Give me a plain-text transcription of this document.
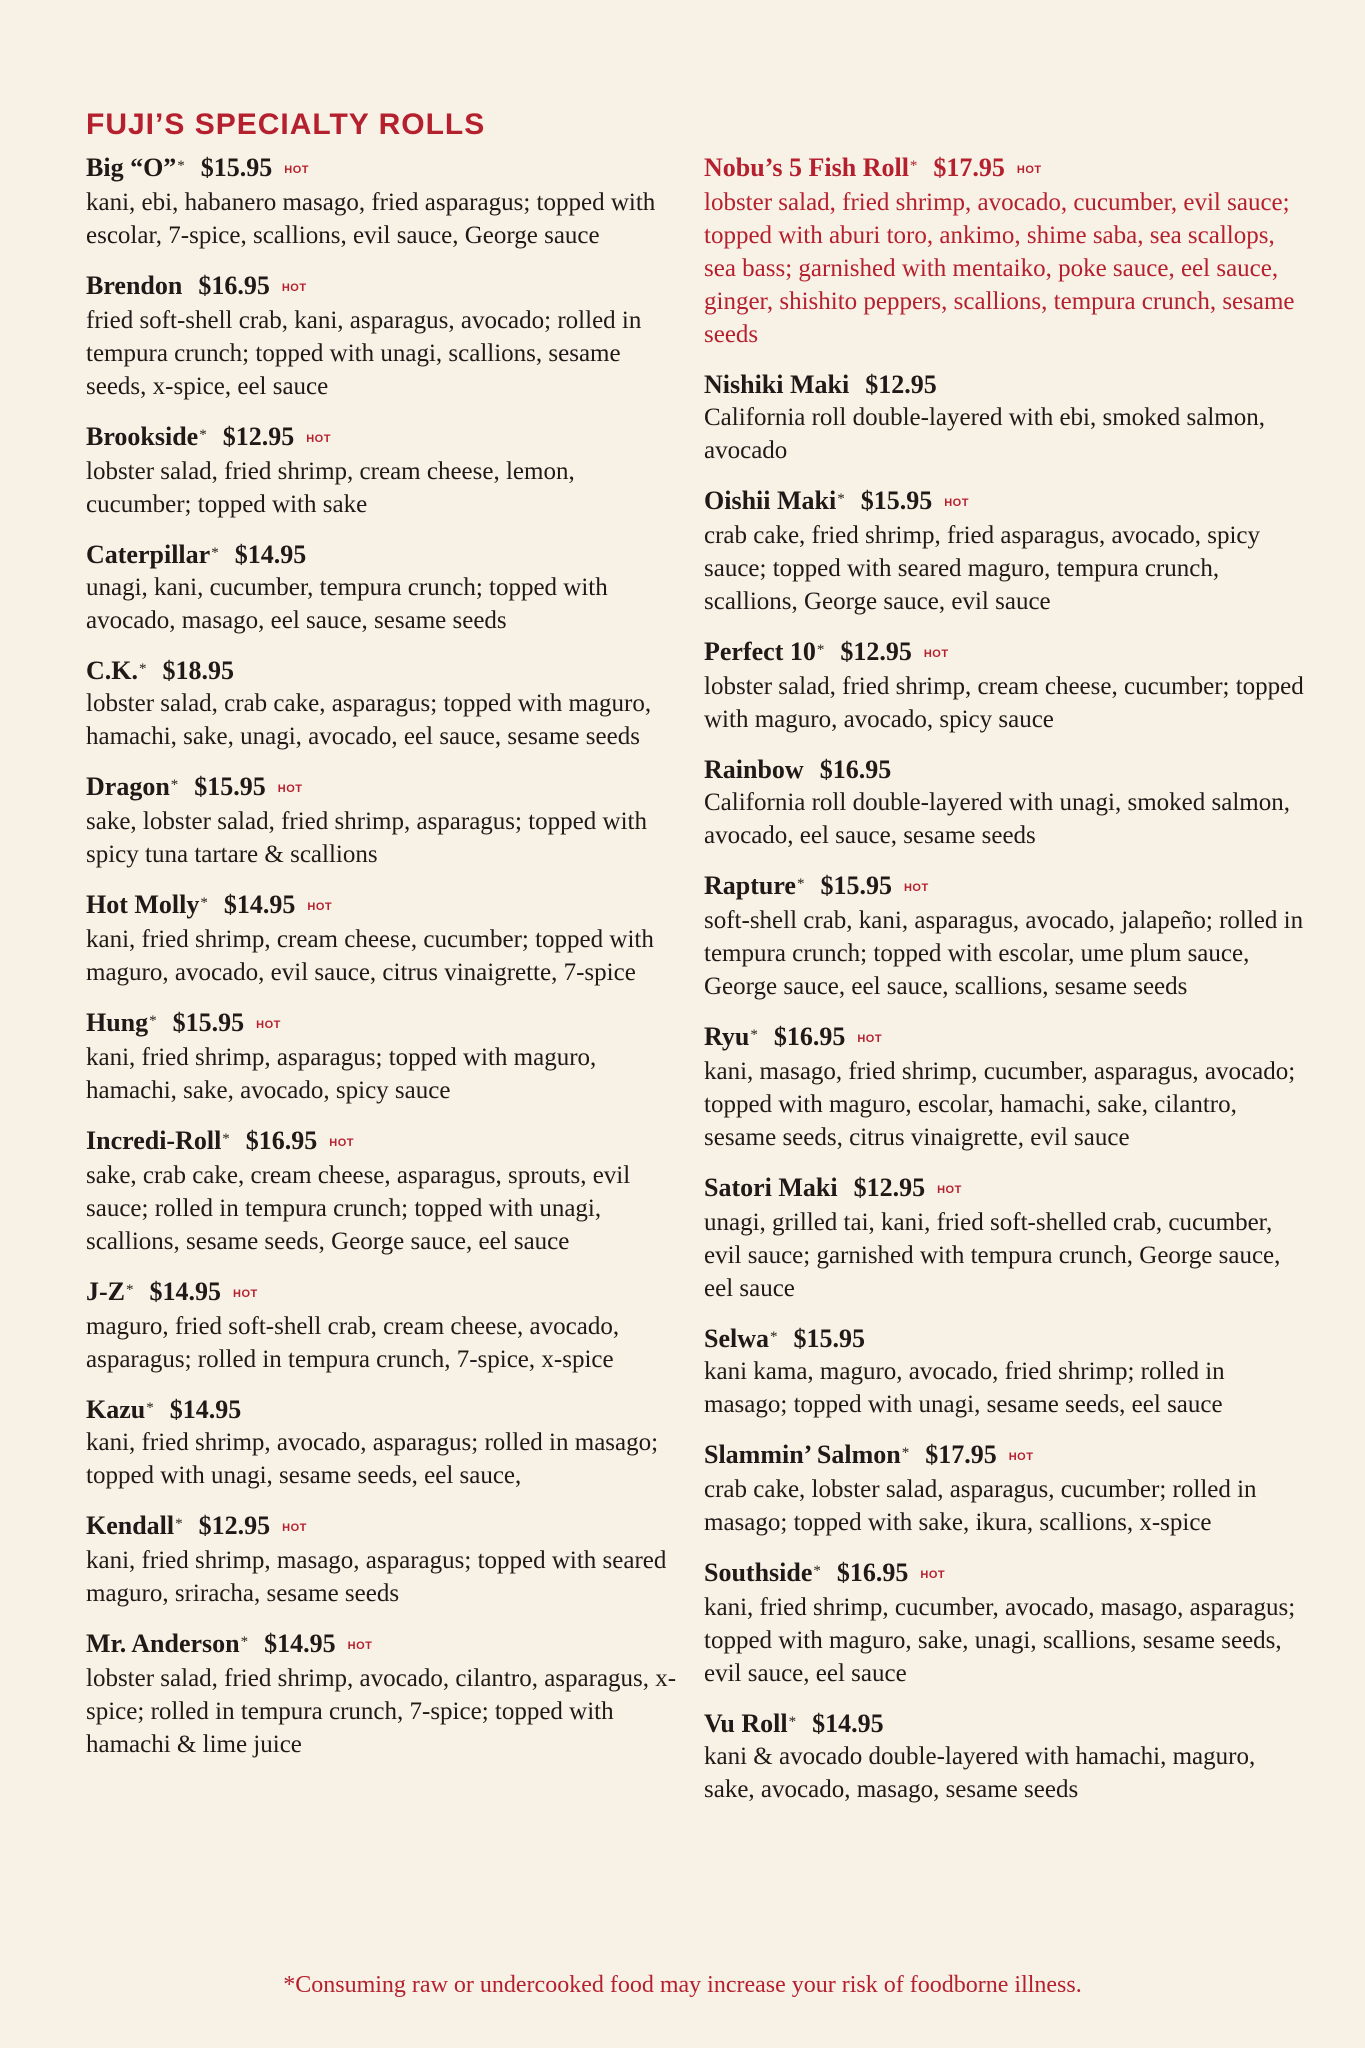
FUJI’S SPECIALTY ROLLS
Big “O”* $15.95 HOT
kani, ebi, habanero masago, fried asparagus; topped with escolar, 7-spice, scallions, evil sauce, George sauce
Brendon $16.95 HOT
fried soft-shell crab, kani, asparagus, avocado; rolled in tempura crunch; topped with unagi, scallions, sesame seeds, x-spice, eel sauce
Brookside* $12.95 HOT
lobster salad, fried shrimp, cream cheese, lemon, cucumber; topped with sake
Caterpillar* $14.95
unagi, kani, cucumber, tempura crunch; topped with avocado, masago, eel sauce, sesame seeds
C.K.* $18.95
lobster salad, crab cake, asparagus; topped with maguro, hamachi, sake, unagi, avocado, eel sauce, sesame seeds
Dragon* $15.95 HOT
sake, lobster salad, fried shrimp, asparagus; topped with spicy tuna tartare & scallions
Hot Molly* $14.95 HOT
kani, fried shrimp, cream cheese, cucumber; topped with maguro, avocado, evil sauce, citrus vinaigrette, 7-spice
Hung* $15.95 HOT
kani, fried shrimp, asparagus; topped with maguro, hamachi, sake, avocado, spicy sauce
Incredi-Roll* $16.95 HOT
sake, crab cake, cream cheese, asparagus, sprouts, evil sauce; rolled in tempura crunch; topped with unagi, scallions, sesame seeds, George sauce, eel sauce
J-Z* $14.95 HOT
maguro, fried soft-shell crab, cream cheese, avocado, asparagus; rolled in tempura crunch, 7-spice, x-spice
Kazu* $14.95
kani, fried shrimp, avocado, asparagus; rolled in masago; topped with unagi, sesame seeds, eel sauce,
Kendall* $12.95 HOT
kani, fried shrimp, masago, asparagus; topped with seared maguro, sriracha, sesame seeds
Mr. Anderson* $14.95 HOT
lobster salad, fried shrimp, avocado, cilantro, asparagus, x-spice; rolled in tempura crunch, 7-spice; topped with hamachi & lime juice
Nobu’s 5 Fish Roll* $17.95 HOT
lobster salad, fried shrimp, avocado, cucumber, evil sauce; topped with aburi toro, ankimo, shime saba, sea scallops, sea bass; garnished with mentaiko, poke sauce, eel sauce, ginger, shishito peppers, scallions, tempura crunch, sesame seeds
Nishiki Maki $12.95
California roll double-layered with ebi, smoked salmon, avocado
Oishii Maki* $15.95 HOT
crab cake, fried shrimp, fried asparagus, avocado, spicy sauce; topped with seared maguro, tempura crunch, scallions, George sauce, evil sauce
Perfect 10* $12.95 HOT
lobster salad, fried shrimp, cream cheese, cucumber; topped with maguro, avocado, spicy sauce
Rainbow $16.95
California roll double-layered with unagi, smoked salmon, avocado, eel sauce, sesame seeds
Rapture* $15.95 HOT
soft-shell crab, kani, asparagus, avocado, jalapeño; rolled in tempura crunch; topped with escolar, ume plum sauce, George sauce, eel sauce, scallions, sesame seeds
Ryu* $16.95 HOT
kani, masago, fried shrimp, cucumber, asparagus, avocado; topped with maguro, escolar, hamachi, sake, cilantro, sesame seeds, citrus vinaigrette, evil sauce
Satori Maki $12.95 HOT
unagi, grilled tai, kani, fried soft-shelled crab, cucumber, evil sauce; garnished with tempura crunch, George sauce, eel sauce
Selwa* $15.95
kani kama, maguro, avocado, fried shrimp; rolled in masago; topped with unagi, sesame seeds, eel sauce
Slammin’ Salmon* $17.95 HOT
crab cake, lobster salad, asparagus, cucumber; rolled in masago; topped with sake, ikura, scallions, x-spice
Southside* $16.95 HOT
kani, fried shrimp, cucumber, avocado, masago, asparagus; topped with maguro, sake, unagi, scallions, sesame seeds, evil sauce, eel sauce
Vu Roll* $14.95
kani & avocado double-layered with hamachi, maguro, sake, avocado, masago, sesame seeds
*Consuming raw or undercooked food may increase your risk of foodborne illness.
